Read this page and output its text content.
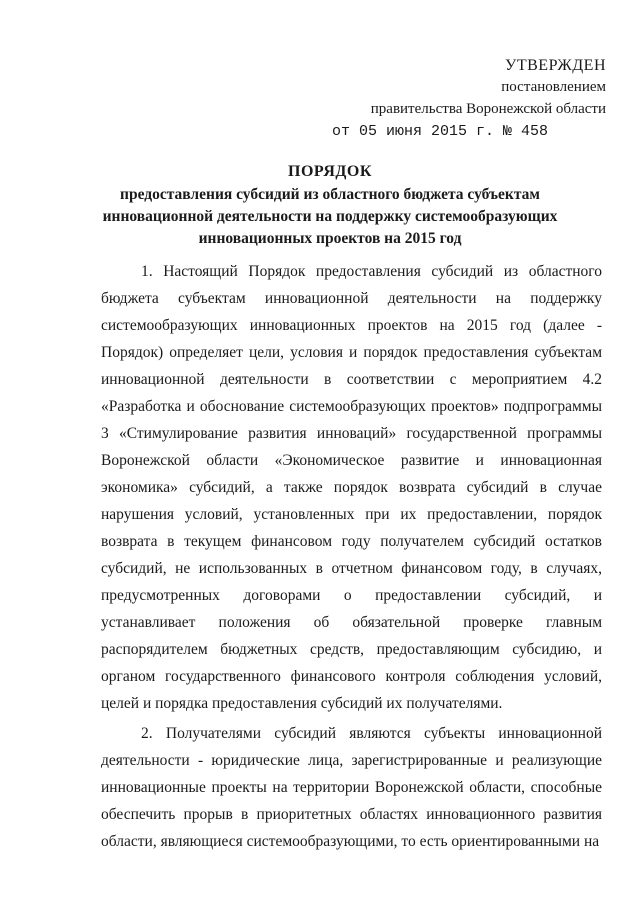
УТВЕРЖДЕН
постановлением
правительства Воронежской области
от 05 июня 2015 г. № 458
ПОРЯДОК
предоставления субсидий из областного бюджета субъектам
инновационной деятельности на поддержку системообразующих
инновационных проектов на 2015 год

1. Настоящий Порядок предоставления субсидий из областного бюджета субъектам инновационной деятельности на поддержку системообразующих инновационных проектов на 2015 год (далее - Порядок) определяет цели, условия и порядок предоставления субъектам инновационной деятельности в соответствии с мероприятием 4.2 «Разработка и обоснование системообразующих проектов» подпрограммы 3 «Стимулирование развития инноваций» государственной программы Воронежской области «Экономическое развитие и инновационная экономика» субсидий, а также порядок возврата субсидий в случае нарушения условий, установленных при их предоставлении, порядок возврата в текущем финансовом году получателем субсидий остатков субсидий, не использованных в отчетном финансовом году, в случаях, предусмотренных договорами о предоставлении субсидий, и устанавливает положения об обязательной проверке главным распорядителем бюджетных средств, предоставляющим субсидию, и органом государственного финансового контроля соблюдения условий, целей и порядка предоставления субсидий их получателями.

2. Получателями субсидий являются субъекты инновационной деятельности - юридические лица, зарегистрированные и реализующие инновационные проекты на территории Воронежской области, способные обеспечить прорыв в приоритетных областях инновационного развития области, являющиеся системообразующими, то есть ориентированными на
